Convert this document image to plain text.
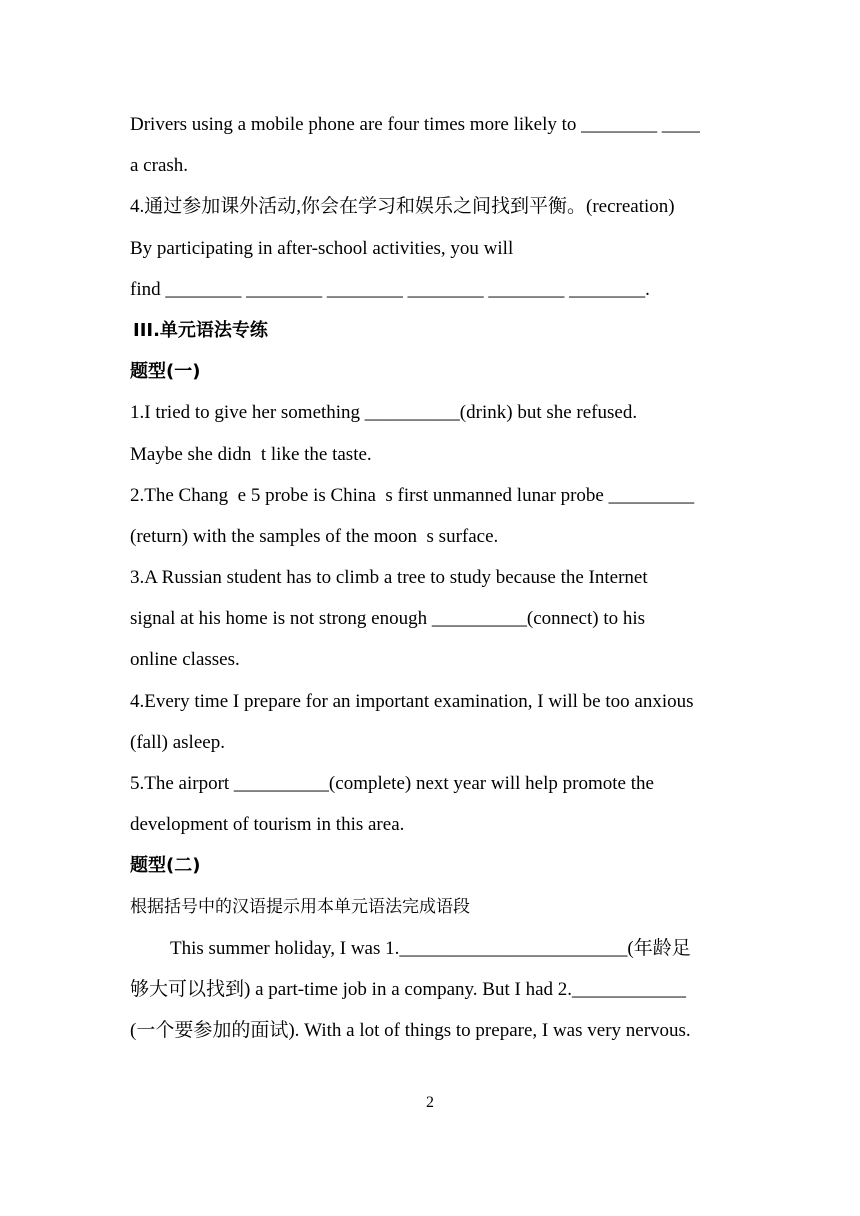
Drivers using a mobile phone are four times more likely to ________ ____
a crash.
4.通过参加课外活动,你会在学习和娱乐之间找到平衡。(recreation)
By participating in after-school activities, you will
find ________ ________ ________ ________ ________ ________.
III.单元语法专练
题型(一)
1.I tried to give her something __________(drink) but she refused.
Maybe she didn  t like the taste.
2.The Chang  e 5 probe is China  s first unmanned lunar probe _________
(return) with the samples of the moon  s surface.
3.A Russian student has to climb a tree to study because the Internet
signal at his home is not strong enough __________(connect) to his
online classes.
4.Every time I prepare for an important examination, I will be too anxious
(fall) asleep.
5.The airport __________(complete) next year will help promote the
development of tourism in this area.
题型(二)
根据括号中的汉语提示用本单元语法完成语段
This summer holiday, I was 1.________________________(年龄足
够大可以找到) a part-time job in a company. But I had 2.____________
(一个要参加的面试). With a lot of things to prepare, I was very nervous.
2
